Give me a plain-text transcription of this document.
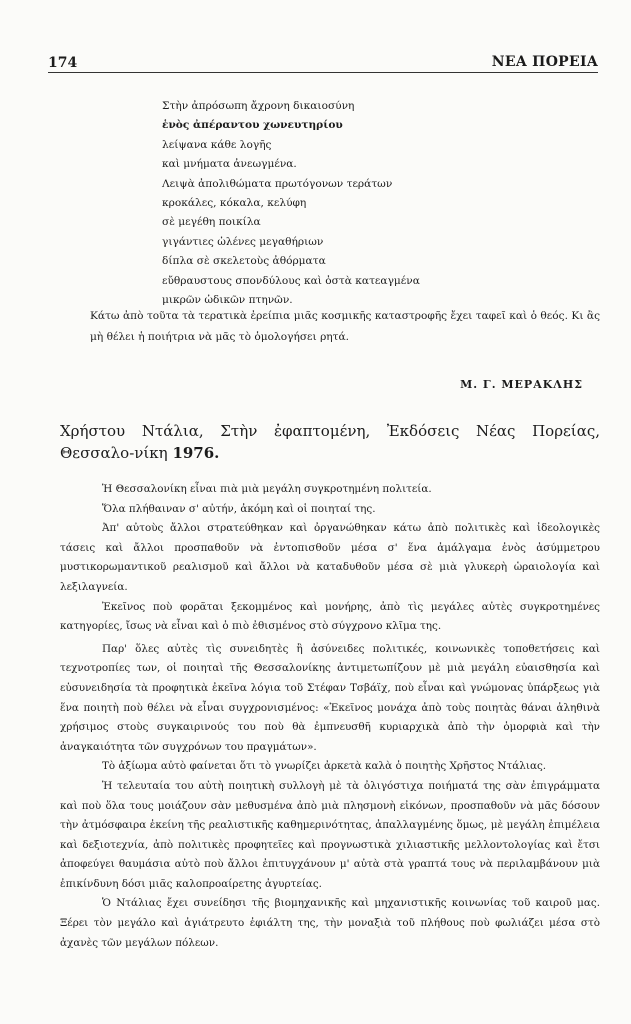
174	ΝΕΑ ΠΟΡΕΙΑ
Στὴν ἀπρόσωπη ἄχρονη δικαιοσύνη
ἑνὸς ἀπέραντου χωνευτηρίου
λείψανα κάθε λογῆς
καὶ μνήματα ἀνεωγμένα.
Λειψὰ ἀπολιθώματα πρωτόγονων τεράτων
κροκάλες, κόκαλα, κελύφη
σὲ μεγέθη ποικίλα
γιγάντιες ὠλένες μεγαθήριων
δίπλα σὲ σκελετοὺς ἀθόρματα
εὔθραυστους σπονδύλους καὶ ὀστὰ κατεαγμένα
μικρῶν ὠδικῶν πτηνῶν.
Κάτω ἀπὸ τοῦτα τὰ τερατικὰ ἐρείπια μιᾶς κοσμικῆς καταστροφῆς ἔχει ταφεῖ καὶ ὁ θεός. Κι ἂς μὴ θέλει ἡ ποιήτρια νὰ μᾶς τὸ ὁμολογήσει ρητά.
Μ. Γ. ΜΕΡΑΚΛΗΣ
Χρήστου Ντάλια, Στὴν ἐφαπτομένη, Ἐκδόσεις Νέας Πορείας, Θεσσαλο-νίκη 1976.

Ἡ Θεσσαλονίκη εἶναι πιὰ μιὰ μεγάλη συγκροτημένη πολιτεία.

Ὅλα πλήθαιναν σ' αὐτήν, ἀκόμη καὶ οἱ ποιηταί της.

Ἀπ' αὐτοὺς ἄλλοι στρατεύθηκαν καὶ ὀργανώθηκαν κάτω ἀπὸ πολιτικὲς καὶ ἰδεολογικὲς τάσεις καὶ ἄλλοι προσπαθοῦν νὰ ἐντοπισθοῦν μέσα σ' ἕνα ἀμάλγαμα ἑνὸς ἀσύμμετρου μυστικορωμαντικοῦ ρεαλισμοῦ καὶ ἄλλοι νὰ καταδυθοῦν μέσα σὲ μιὰ γλυκερὴ ὡραιολογία καὶ λεξιλαγνεία.

Ἐκεῖνος ποὺ φορᾶται ξεκομμένος καὶ μονήρης, ἀπὸ τὶς μεγάλες αὐτὲς συγκροτημένες κατηγορίες, ἴσως νὰ εἶναι καὶ ὁ πιὸ ἐθισμένος στὸ σύγχρονο κλῖμα της.

Παρ' ὅλες αὐτὲς τὶς συνειδητὲς ἢ ἀσύνειδες πολιτικές, κοινωνικὲς τοποθετήσεις καὶ τεχνοτροπίες των, οἱ ποιηταὶ τῆς Θεσσαλονίκης ἀντιμετωπίζουν μὲ μιὰ μεγάλη εὐαισθησία καὶ εὐσυνειδησία τὰ προφητικὰ ἐκεῖνα λόγια τοῦ Στέφαν Τσβάϊχ, ποὺ εἶναι καὶ γνώμονας ὑπάρξεως γιὰ ἕνα ποιητὴ ποὺ θέλει νὰ εἶναι συγχρονισμένος: «Ἐκεῖνος μονάχα ἀπὸ τοὺς ποιητὰς θάναι ἀληθινὰ χρήσιμος στοὺς συγκαιρινούς του ποὺ θὰ ἐμπνευσθῆ κυριαρχικὰ ἀπὸ τὴν ὁμορφιὰ καὶ τὴν ἀναγκαιότητα τῶν συγχρόνων του πραγμάτων».

Τὸ ἀξίωμα αὐτὸ φαίνεται ὅτι τὸ γνωρίζει ἀρκετὰ καλὰ ὁ ποιητὴς Χρῆστος Ντάλιας.

Ἡ τελευταία του αὐτὴ ποιητικὴ συλλογὴ μὲ τὰ ὀλιγόστιχα ποιήματά της σὰν ἐπιγράμματα καὶ ποὺ ὅλα τους μοιάζουν σὰν μεθυσμένα ἀπὸ μιὰ πλησμονὴ εἰκόνων, προσπαθοῦν νὰ μᾶς δόσουν τὴν ἀτμόσφαιρα ἐκείνη τῆς ρεαλιστικῆς καθημερινότητας, ἀπαλλαγμένης ὅμως, μὲ μεγάλη ἐπιμέλεια καὶ δεξιοτεχνία, ἀπὸ πολιτικὲς προφητεῖες καὶ προγνωστικὰ χιλιαστικῆς μελλοντολογίας καὶ ἔτσι ἀποφεύγει θαυμάσια αὐτὸ ποὺ ἄλλοι ἐπιτυγχάνουν μ' αὐτὰ στὰ γραπτά τους νὰ περιλαμβάνουν μιὰ ἐπικίνδυνη δόσι μιᾶς καλοπροαίρετης ἀγυρτείας.

Ὁ Ντάλιας ἔχει συνείδησι τῆς βιομηχανικῆς καὶ μηχανιστικῆς κοινωνίας τοῦ καιροῦ μας. Ξέρει τὸν μεγάλο καὶ ἀγιάτρευτο ἐφιάλτη της, τὴν μοναξιὰ τοῦ πλήθους ποὺ φωλιάζει μέσα στὸ ἀχανὲς τῶν μεγάλων πόλεων.
